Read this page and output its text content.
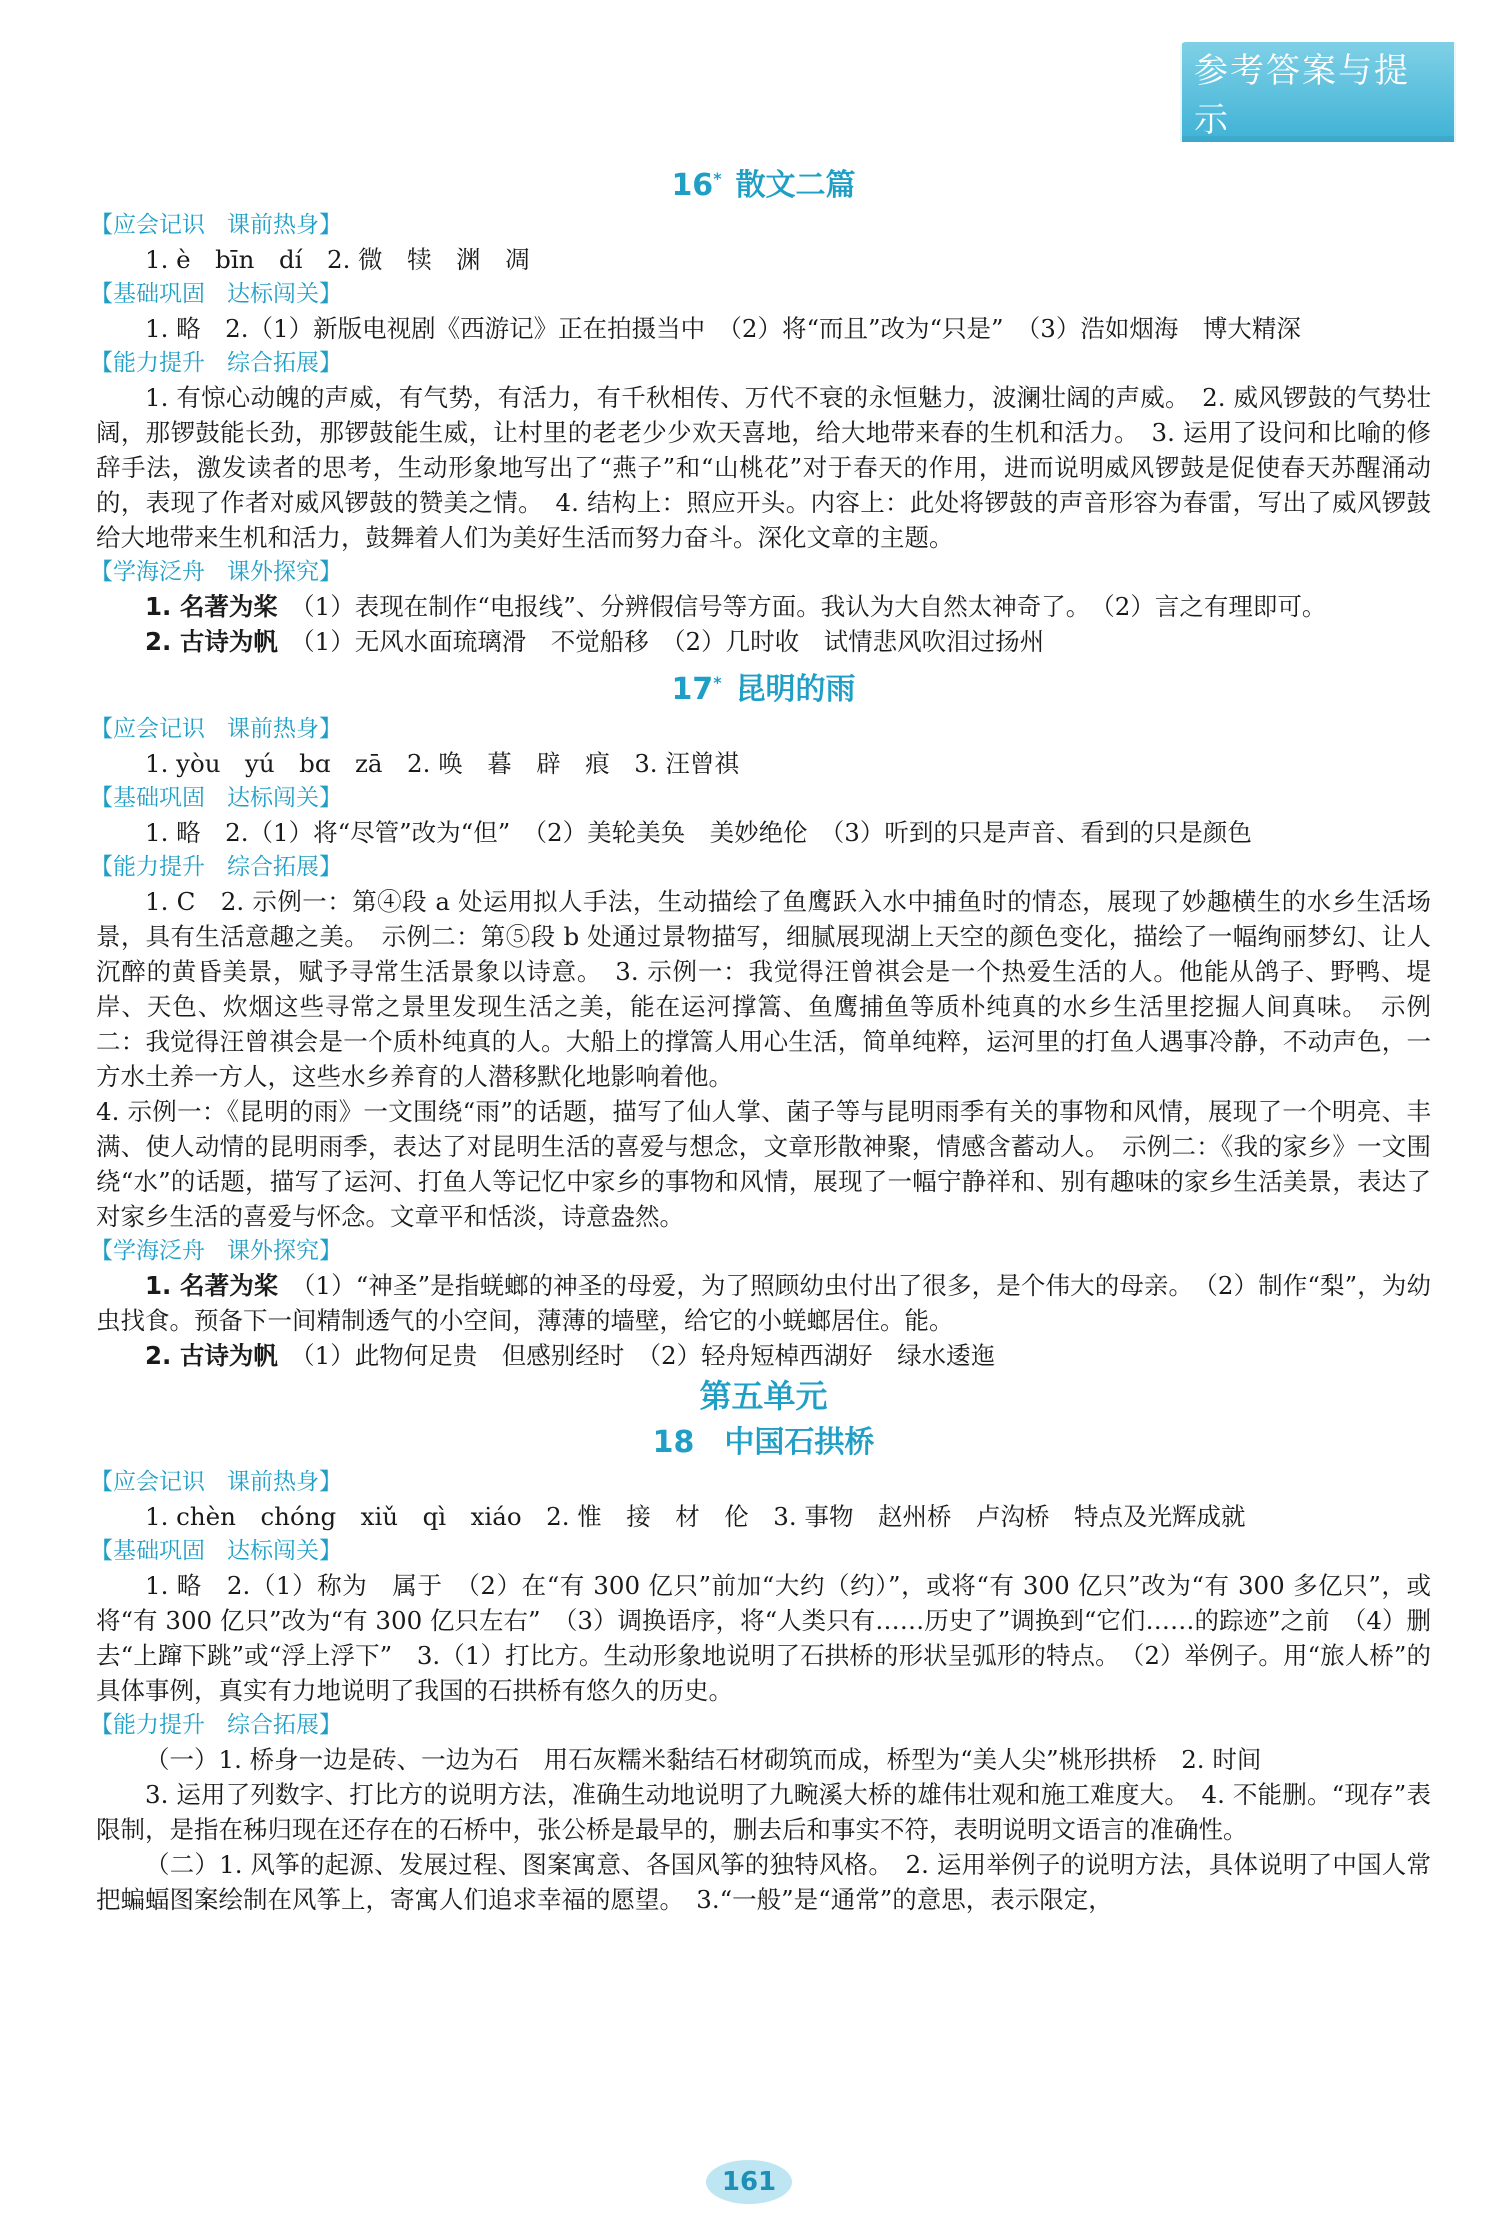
参考答案与提示
16* 散文二篇
【应会记识 课前热身】

1. è　bīn　dí　2. 微　犊　渊　凋

【基础巩固 达标闯关】

1. 略　2.（1）新版电视剧《西游记》正在拍摄当中　（2）将“而且”改为“只是”　（3）浩如烟海　博大精深

【能力提升 综合拓展】

1. 有惊心动魄的声威，有气势，有活力，有千秋相传、万代不衰的永恒魅力，波澜壮阔的声威。　2. 威风锣鼓的气势壮阔，那锣鼓能长劲，那锣鼓能生威，让村里的老老少少欢天喜地，给大地带来春的生机和活力。　3. 运用了设问和比喻的修辞手法，激发读者的思考，生动形象地写出了“燕子”和“山桃花”对于春天的作用，进而说明威风锣鼓是促使春天苏醒涌动的，表现了作者对威风锣鼓的赞美之情。　4. 结构上：照应开头。内容上：此处将锣鼓的声音形容为春雷，写出了威风锣鼓给大地带来生机和活力，鼓舞着人们为美好生活而努力奋斗。深化文章的主题。

【学海泛舟 课外探究】

1. 名著为桨　 （1）表现在制作“电报线”、分辨假信号等方面。我认为大自然太神奇了。　（2）言之有理即可。

2. 古诗为帆　 （1）无风水面琉璃滑　不觉船移　（2）几时收　试情悲风吹泪过扬州

17* 昆明的雨
【应会记识 课前热身】

1. yòu　yú　bɑ　zā　2. 唤　暮　辟　痕　3. 汪曾祺

【基础巩固 达标闯关】

1. 略　2.（1）将“尽管”改为“但”　（2）美轮美奂　美妙绝伦　（3）听到的只是声音、看到的只是颜色

【能力提升 综合拓展】

1. C　2. 示例一：第④段 a 处运用拟人手法，生动描绘了鱼鹰跃入水中捕鱼时的情态，展现了妙趣横生的水乡生活场景，具有生活意趣之美。　示例二：第⑤段 b 处通过景物描写，细腻展现湖上天空的颜色变化，描绘了一幅绚丽梦幻、让人沉醉的黄昏美景，赋予寻常生活景象以诗意。　3. 示例一：我觉得汪曾祺会是一个热爱生活的人。他能从鸽子、野鸭、堤岸、天色、炊烟这些寻常之景里发现生活之美，能在运河撑篙、鱼鹰捕鱼等质朴纯真的水乡生活里挖掘人间真味。　示例二：我觉得汪曾祺会是一个质朴纯真的人。大船上的撑篙人用心生活，简单纯粹，运河里的打鱼人遇事冷静，不动声色，一方水土养一方人，这些水乡养育的人潜移默化地影响着他。

4. 示例一：《昆明的雨》一文围绕“雨”的话题，描写了仙人掌、菌子等与昆明雨季有关的事物和风情，展现了一个明亮、丰满、使人动情的昆明雨季，表达了对昆明生活的喜爱与想念，文章形散神聚，情感含蓄动人。　示例二：《我的家乡》一文围绕“水”的话题，描写了运河、打鱼人等记忆中家乡的事物和风情，展现了一幅宁静祥和、别有趣味的家乡生活美景，表达了对家乡生活的喜爱与怀念。文章平和恬淡，诗意盎然。

【学海泛舟 课外探究】

1. 名著为桨　 （1）“神圣”是指蜣螂的神圣的母爱，为了照顾幼虫付出了很多，是个伟大的母亲。　（2）制作“梨”，为幼虫找食。预备下一间精制透气的小空间，薄薄的墙壁，给它的小蜣螂居住。能。

2. 古诗为帆　 （1）此物何足贵　但感别经时　（2）轻舟短棹西湖好　绿水逶迤

第五单元
18　 中国石拱桥
【应会记识 课前热身】

1. chèn　chóng　xiǔ　qì　xiáo　2. 惟　接　材　伦　3. 事物　赵州桥　卢沟桥　特点及光辉成就

【基础巩固 达标闯关】

1. 略　2.（1）称为　属于　（2）在“有 300 亿只”前加“大约（约）”，或将“有 300 亿只”改为“有 300 多亿只”，或将“有 300 亿只”改为“有 300 亿只左右”　（3）调换语序，将“人类只有……历史了”调换到“它们……的踪迹”之前　（4）删去“上蹿下跳”或“浮上浮下”　3.（1）打比方。生动形象地说明了石拱桥的形状呈弧形的特点。　（2）举例子。用“旅人桥”的具体事例，真实有力地说明了我国的石拱桥有悠久的历史。

【能力提升 综合拓展】

（一）1. 桥身一边是砖、一边为石　用石灰糯米黏结石材砌筑而成，桥型为“美人尖”桃形拱桥　2. 时间

3. 运用了列数字、打比方的说明方法，准确生动地说明了九畹溪大桥的雄伟壮观和施工难度大。　4. 不能删。“现存”表限制，是指在秭归现在还存在的石桥中，张公桥是最早的，删去后和事实不符，表明说明文语言的准确性。

（二）1. 风筝的起源、发展过程、图案寓意、各国风筝的独特风格。　2. 运用举例子的说明方法，具体说明了中国人常把蝙蝠图案绘制在风筝上，寄寓人们追求幸福的愿望。　3.“一般”是“通常”的意思，表示限定，

161
